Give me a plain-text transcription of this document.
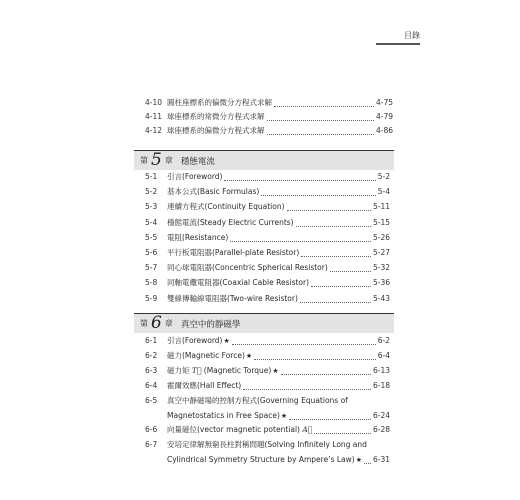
目錄
4-10 圓柱座標系的偏微分方程式求解	4-75
4-11 球座標系的常微分方程式求解	4-79
4-12 球座標系的偏微分方程式求解	4-86
5-1	引言(Foreword)	5-2
5-2	基本公式(Basic Formulas)	5-4
5-3	連續方程式(Continuity Equation)	5-11
5-4	穩態電流(Steady Electric Currents)	5-15
5-5	電阻(Resistance)	5-26
5-6	平行板電阻器(Parallel-plate Resistor)	5-27
5-7	同心球電阻器(Concentric Spherical Resistor)	5-32
5-8	同軸電纜電阻器(Coaxial Cable Resistor)	5-36
5-9	雙線傳輸線電阻器(Two-wire Resistor)	5-43
6-1	引言(Foreword)★	6-2
6-2	磁力(Magnetic Force)★	6-4
6-3	磁力矩 T⃗ (Magnetic Torque)★	6-13
6-4	霍爾效應(Hall Effect)	6-18
6-5	真空中靜磁場的控制方程式(Governing Equations of
Magnetostatics in Free Space)★	6-24
6-6	向量磁位(vector magnetic potential) A⃗	6-28
6-7	安培定律解無窮長柱對稱問題(Solving Infinitely Long and
Cylindrical Symmetry Structure by Ampere’s Law)★ 6-31
第 5 章 穩態電流
第 6 章 真空中的靜磁學
